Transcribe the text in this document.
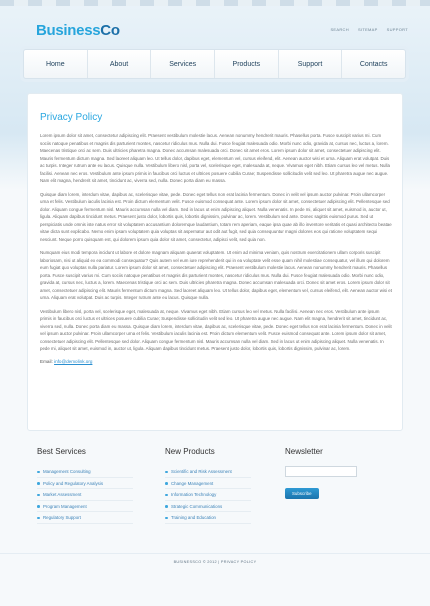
BusinessCo	SEARCH SITEMAP SUPPORT
Home	About	Services	Products	Support	Contacts
Privacy Policy

Lorem ipsum dolor sit amet, consectetur adipiscing elit. Praesent vestibulum molestie lacus. Aenean nonummy hendrerit mauris. Phasellus porta. Fusce suscipit varius mi. Cum sociis natoque penatibus et magnis dis parturient montes, nascetur ridiculus mus. Nulla dui. Fusce feugiat malesuada odio. Morbi nunc odio, gravida at, cursus nec, luctus a, lorem. Maecenas tristique orci ac sem. Duis ultricies pharetra magna. Donec accumsan malesuada orci. Donec sit amet eros. Lorem ipsum dolor sit amet, consectetuer adipiscing elit. Mauris fermentum dictum magna. Sed laoreet aliquam leo. Ut tellus dolor, dapibus eget, elementum vel, cursus eleifend, elit. Aenean auctor wisi et urna. Aliquam erat volutpat. Duis ac turpis. Integer rutrum ante eu lacus. Quisque nulla. Vestibulum libero nisl, porta vel, scelerisque eget, malesuada at, neque. Vivamus eget nibh. Etiam cursus leo vel metus. Nulla facilisi. Aenean nec eros. Vestibulum ante ipsum primis in faucibus orci luctus et ultrices posuere cubilia Curae; Suspendisse sollicitudin velit sed leo. Ut pharetra augue nec augue. Nam elit magna, hendrerit sit amet, tincidunt ac, viverra sed, nulla. Donec porta diam eu massa.

Quisque diam lorem, interdum vitae, dapibus ac, scelerisque vitae, pede. Donec eget tellus non erat lacinia fermentum. Donec in velit vel ipsum auctor pulvinar. Proin ullamcorper urna et felis. Vestibulum iaculis lacinia est. Proin dictum elementum velit. Fusce euismod consequat ante. Lorem ipsum dolor sit amet, consectetuer adipiscing elit. Pellentesque sed dolor. Aliquam congue fermentum nisl. Mauris accumsan nulla vel diam. Sed in lacus ut enim adipiscing aliquet. Nulla venenatis. In pede mi, aliquet sit amet, euismod in, auctor ut, ligula. Aliquam dapibus tincidunt metus. Praesent justo dolor, lobortis quis, lobortis dignissim, pulvinar ac, lorem. Vestibulum sed ante. Donec sagittis euismod purus. Sed ut perspiciatis unde omnis iste natus error sit voluptatem accusantium doloremque laudantium, totam rem aperiam, eaque ipsa quae ab illo inventore veritatis et quasi architecto beatae vitae dicta sunt explicabo. Nemo enim ipsam voluptatem quia voluptas sit aspernatur aut odit aut fugit, sed quia consequuntur magni dolores eos qui ratione voluptatem sequi nesciunt. Neque porro quisquam est, qui dolorem ipsum quia dolor sit amet, consectetur, adipisci velit, sed quia non.

Numquam eius modi tempora incidunt ut labore et dolore magnam aliquam quaerat voluptatem. Ut enim ad minima veniam, quis nostrum exercitationem ullam corporis suscipit laboriosam, nisi ut aliquid ex ea commodi consequatur? Quis autem vel eum iure reprehenderit qui in ea voluptate velit esse quam nihil molestiae consequatur, vel illum qui dolorem eum fugiat quo voluptas nulla pariatur. Lorem ipsum dolor sit amet, consectetuer adipiscing elit. Praesent vestibulum molestie lacus. Aenean nonummy hendrerit mauris. Phasellus porta. Fusce suscipit varius mi. Cum sociis natoque penatibus et magnis dis parturient montes, nascetur ridiculus mus. Nulla dui. Fusce feugiat malesuada odio. Morbi nunc odio, gravida at, cursus nec, luctus a, lorem. Maecenas tristique orci ac sem. Duis ultricies pharetra magna. Donec accumsan malesuada orci. Donec sit amet eros. Lorem ipsum dolor sit amet, consectetuer adipiscing elit. Mauris fermentum dictum magna. Sed laoreet aliquam leo. Ut tellus dolor, dapibus eget, elementum vel, cursus eleifend, elit. Aenean auctor wisi et urna. Aliquam erat volutpat. Duis ac turpis. Integer rutrum ante eu lacus. Quisque nulla.

Vestibulum libero nisl, porta vel, scelerisque eget, malesuada at, neque. Vivamus eget nibh. Etiam cursus leo vel metus. Nulla facilisi. Aenean nec eros. Vestibulum ante ipsum primis in faucibus orci luctus et ultrices posuere cubilia Curae; Suspendisse sollicitudin velit sed leo. Ut pharetra augue nec augue. Nam elit magna, hendrerit sit amet, tincidunt ac, viverra sed, nulla. Donec porta diam eu massa. Quisque diam lorem, interdum vitae, dapibus ac, scelerisque vitae, pede. Donec eget tellus non erat lacinia fermentum. Donec in velit vel ipsum auctor pulvinar. Proin ullamcorper urna et felis. Vestibulum iaculis lacinia est. Proin dictum elementum velit. Fusce euismod consequat ante. Lorem ipsum dolor sit amet, consectetuer adipiscing elit. Pellentesque sed dolor. Aliquam congue fermentum nisl. Mauris accumsan nulla vel diam. Sed in lacus ut enim adipiscing aliquet. Nulla venenatis. In pede mi, aliquet sit amet, euismod in, auctor ut, ligula. Aliquam dapibus tincidunt metus. Praesent justo dolor, lobortis quis, lobortis dignissim, pulvinar ac, lorem.

Email: info@demolink.org
Best Services
Management Consulting
Policy and Regulatory Analysis
Market Assessment
Program Management
Regulatory Support
New Products
Scientific and Risk Assessment
Change Management
Information Technology
Strategic Communications
Training and Education
Newsletter
Subscribe
BUSINESSCO © 2012 | PRIVACY POLICY
